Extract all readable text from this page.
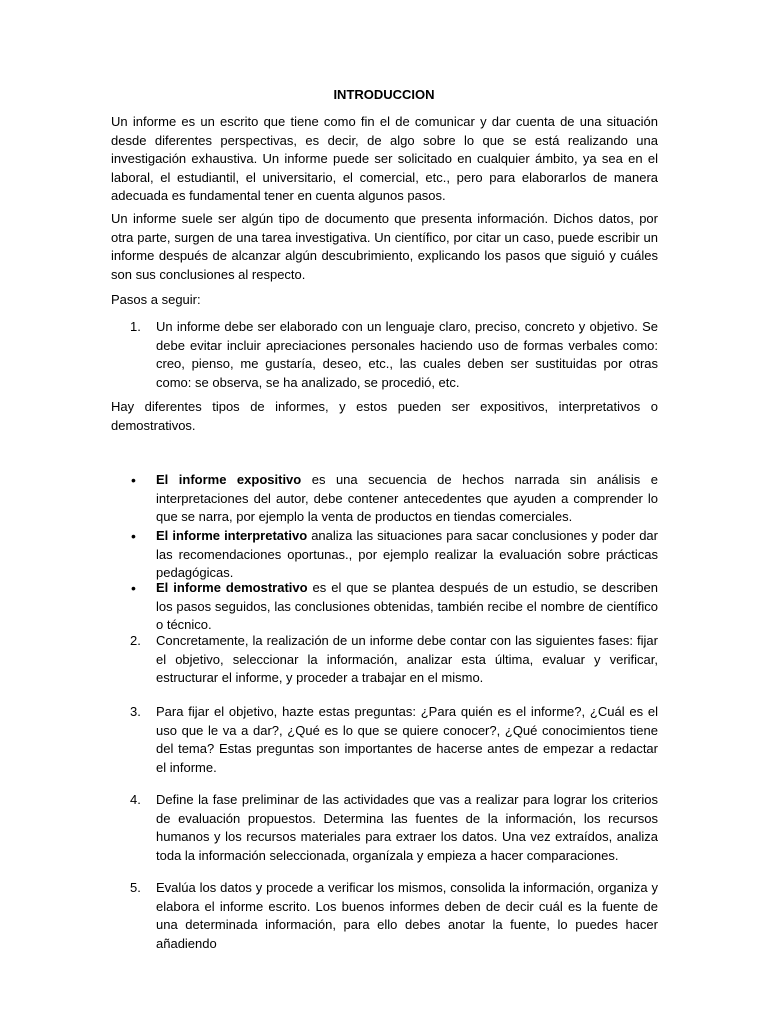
INTRODUCCION

Un informe es un escrito que tiene como fin el de comunicar y dar cuenta de una situación desde diferentes perspectivas, es decir, de algo sobre lo que se está realizando una investigación exhaustiva. Un informe puede ser solicitado en cualquier ámbito, ya sea en el laboral, el estudiantil, el universitario, el comercial, etc., pero para elaborarlos de manera adecuada es fundamental tener en cuenta algunos pasos.

Un informe suele ser algún tipo de documento que presenta información. Dichos datos, por otra parte, surgen de una tarea investigativa. Un científico, por citar un caso, puede escribir un informe después de alcanzar algún descubrimiento, explicando los pasos que siguió y cuáles son sus conclusiones al respecto.

Pasos a seguir:

1.	Un informe debe ser elaborado con un lenguaje claro, preciso, concreto y objetivo. Se debe evitar incluir apreciaciones personales haciendo uso de formas verbales como: creo, pienso, me gustaría, deseo, etc., las cuales deben ser sustituidas por otras como: se observa, se ha analizado, se procedió, etc.

Hay diferentes tipos de informes, y estos pueden ser expositivos, interpretativos o demostrativos.

•	El informe expositivo es una secuencia de hechos narrada sin análisis e interpretaciones del autor, debe contener antecedentes que ayuden a comprender lo que se narra, por ejemplo la venta de productos en tiendas comerciales.

•	El informe interpretativo analiza las situaciones para sacar conclusiones y poder dar las recomendaciones oportunas., por ejemplo realizar la evaluación sobre prácticas pedagógicas.

•	El informe demostrativo es el que se plantea después de un estudio, se describen los pasos seguidos, las conclusiones obtenidas, también recibe el nombre de científico o técnico.

2.	Concretamente, la realización de un informe debe contar con las siguientes fases: fijar el objetivo, seleccionar la información, analizar esta última, evaluar y verificar, estructurar el informe, y proceder a trabajar en el mismo.

3.	Para fijar el objetivo, hazte estas preguntas: ¿Para quién es el informe?, ¿Cuál es el uso que le va a dar?, ¿Qué es lo que se quiere conocer?, ¿Qué conocimientos tiene del tema? Estas preguntas son importantes de hacerse antes de empezar a redactar el informe.

4.	Define la fase preliminar de las actividades que vas a realizar para lograr los criterios de evaluación propuestos. Determina las fuentes de la información, los recursos humanos y los recursos materiales para extraer los datos. Una vez extraídos, analiza toda la información seleccionada, organízala y empieza a hacer comparaciones.

5.	Evalúa los datos y procede a verificar los mismos, consolida la información, organiza y elabora el informe escrito. Los buenos informes deben de decir cuál es la fuente de una determinada información, para ello debes anotar la fuente, lo puedes hacer añadiendo
